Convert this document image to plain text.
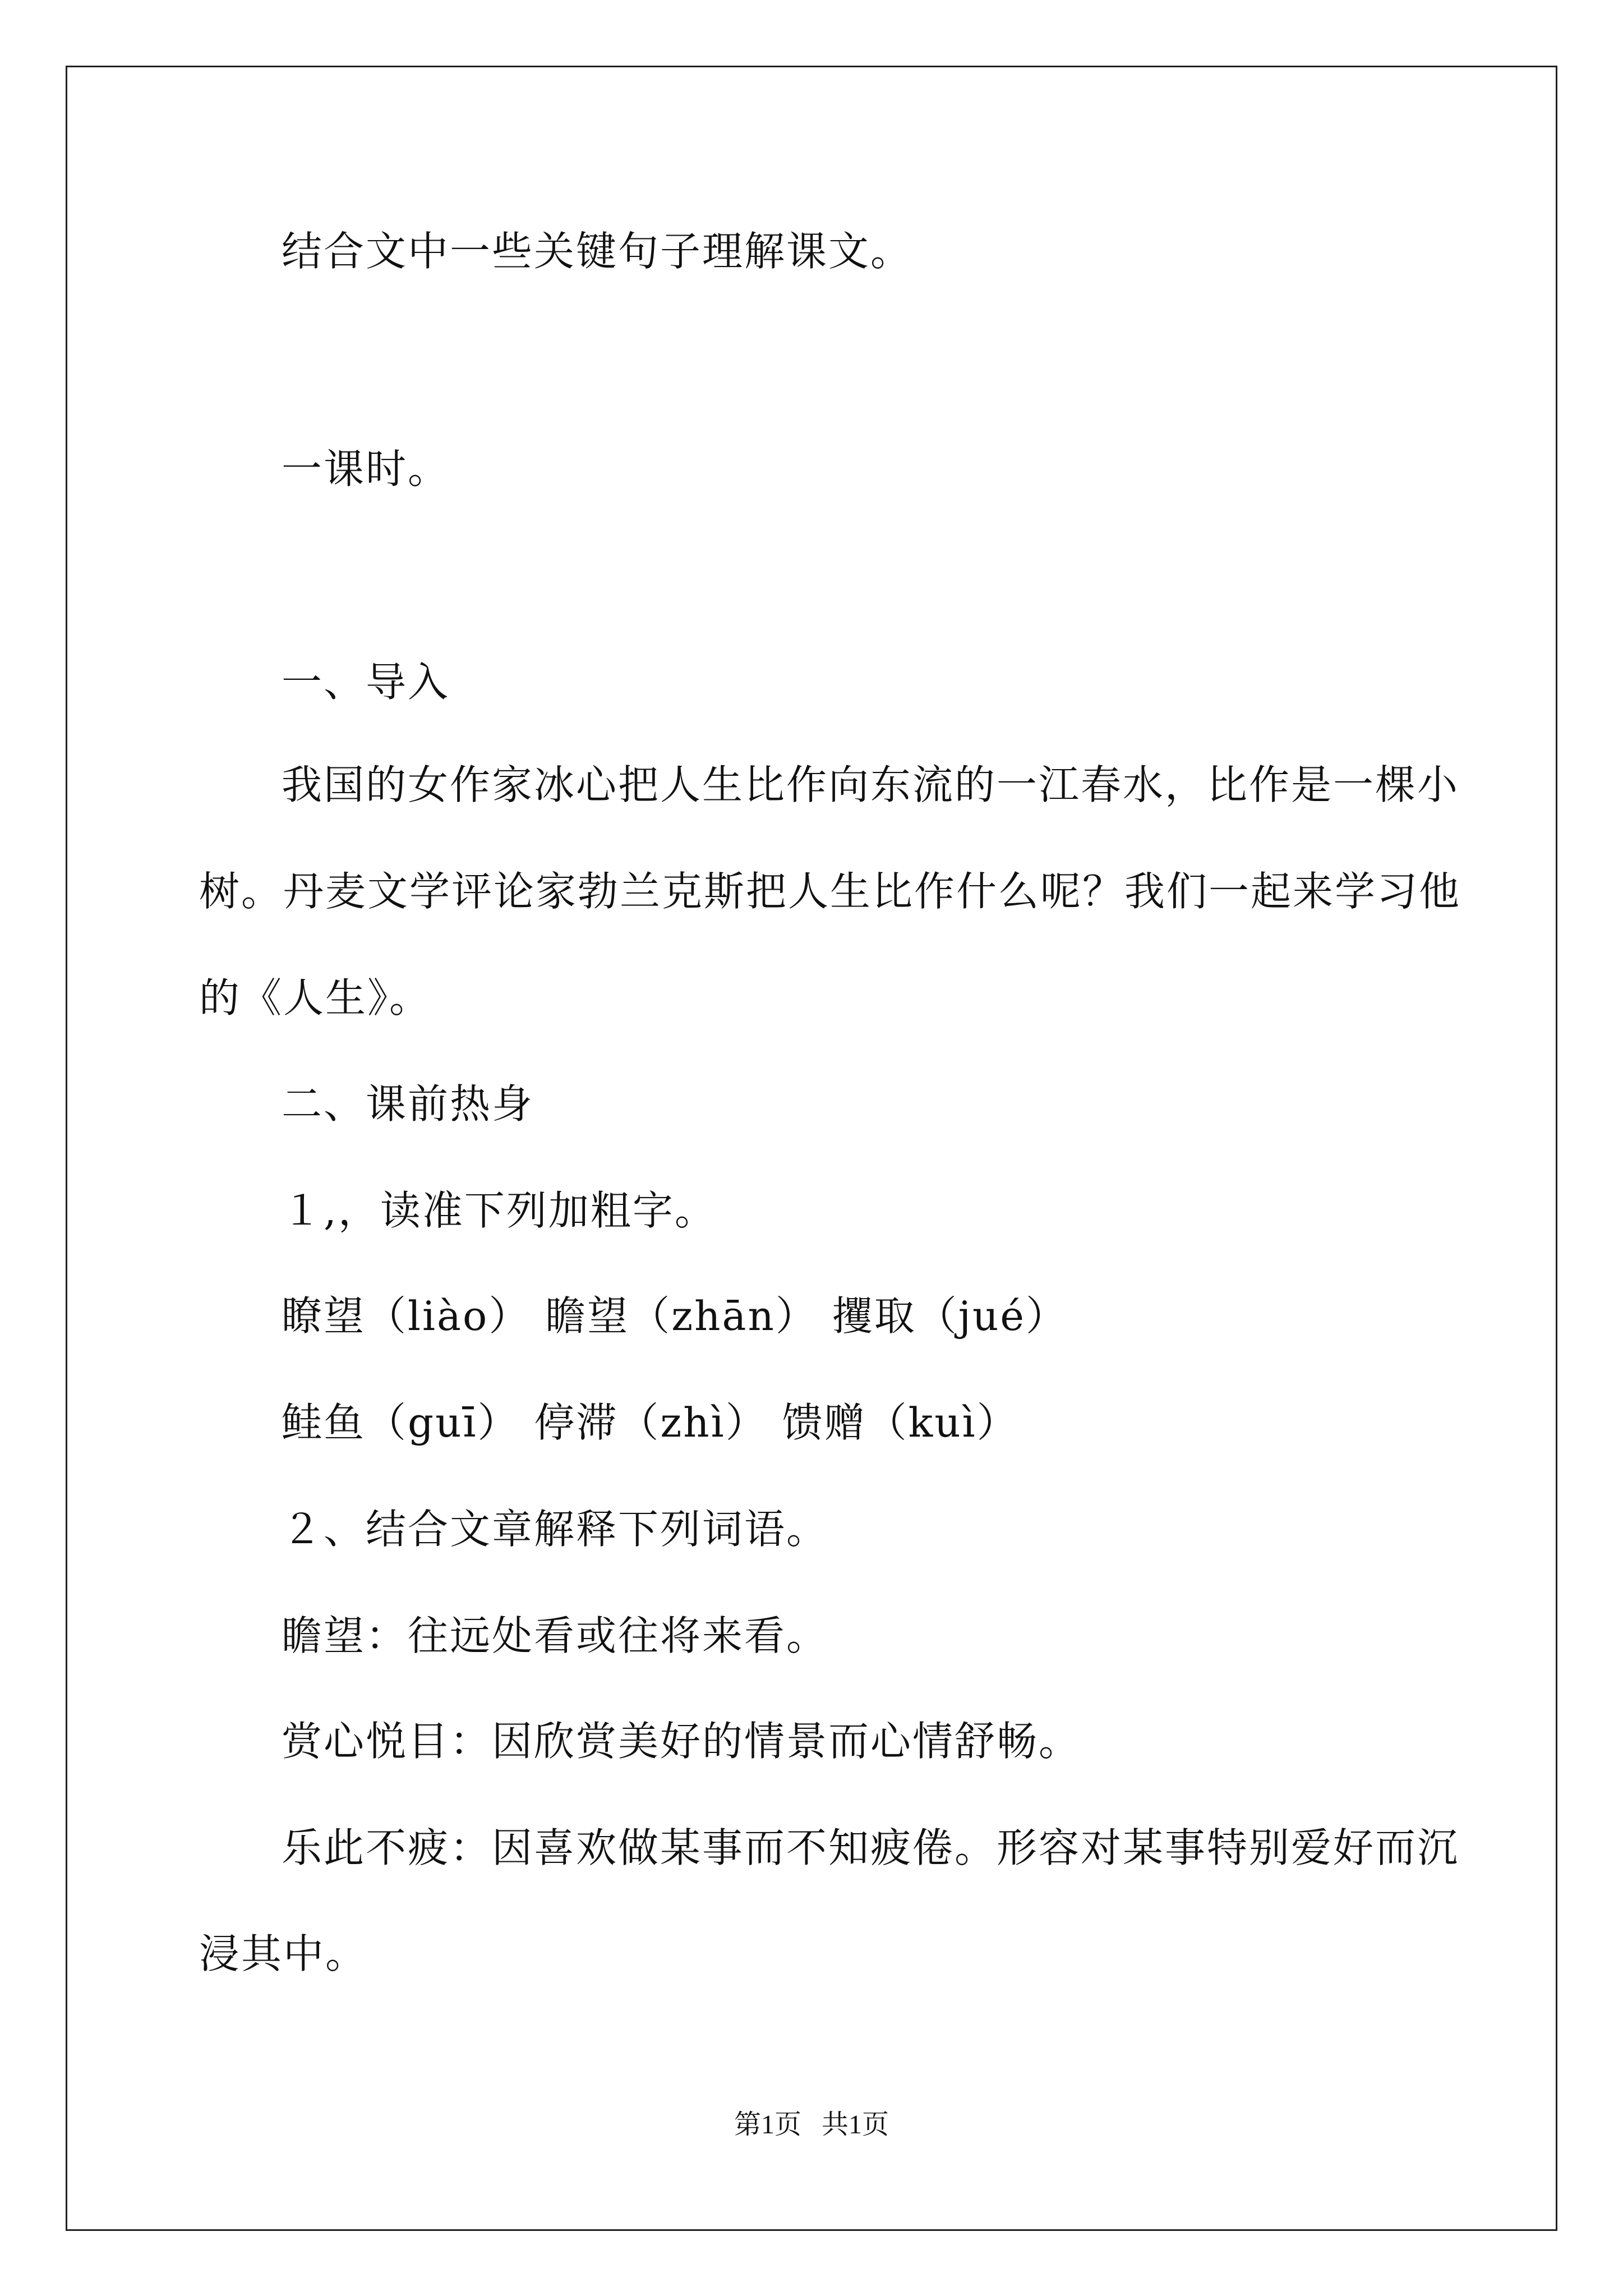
结合文中一些关键句子理解课文。
一课时。
一、导入
我国的女作家冰心把人生比作向东流的一江春水，比作是一棵小
树。丹麦文学评论家勃兰克斯把人生比作什么呢？我们一起来学习他
的《人生》。
二、课前热身
１,，读准下列加粗字。
瞭望（liào） 瞻望（zhān） 攫取（jué）
鲑鱼（guī） 停滞（zhì） 馈赠（kuì）
２、结合文章解释下列词语。
瞻望：往远处看或往将来看。
赏心悦目：因欣赏美好的情景而心情舒畅。
乐此不疲：因喜欢做某事而不知疲倦。形容对某事特别爱好而沉
浸其中。
第1页   共1页
